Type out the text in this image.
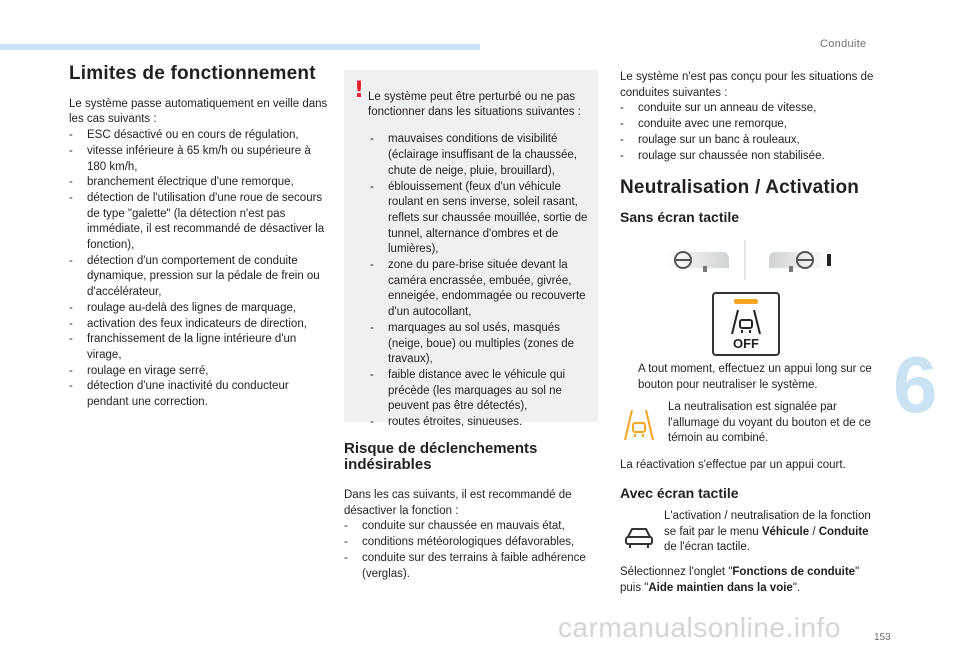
Conduite
6
153
Limites de fonctionnement

Le système passe automatiquement en veille dans les cas suivants :

- ESC désactivé ou en cours de régulation,
- vitesse inférieure à 65 km/h ou supérieure à 180 km/h,
- branchement électrique d'une remorque,
- détection de l'utilisation d'une roue de secours de type "galette" (la détection n'est pas immédiate, il est recommandé de désactiver la fonction),
- détection d'un comportement de conduite dynamique, pression sur la pédale de frein ou d'accélérateur,
- roulage au-delà des lignes de marquage,
- activation des feux indicateurs de direction,
- franchissement de la ligne intérieure d'un virage,
- roulage en virage serré,
- détection d'une inactivité du conducteur pendant une correction.
! Le système peut être perturbé ou ne pas fonctionner dans les situations suivantes :

- mauvaises conditions de visibilité (éclairage insuffisant de la chaussée, chute de neige, pluie, brouillard),
- éblouissement (feux d'un véhicule roulant en sens inverse, soleil rasant, reflets sur chaussée mouillée, sortie de tunnel, alternance d'ombres et de lumières),
- zone du pare-brise située devant la caméra encrassée, embuée, givrée, enneigée, endommagée ou recouverte d'un autocollant,
- marquages au sol usés, masqués (neige, boue) ou multiples (zones de travaux),
- faible distance avec le véhicule qui précède (les marquages au sol ne peuvent pas être détectés),
- routes étroites, sinueuses.
Risque de déclenchements
indésirables

Dans les cas suivants, il est recommandé de désactiver la fonction :

- conduite sur chaussée en mauvais état,
- conditions météorologiques défavorables,
- conduite sur des terrains à faible adhérence (verglas).

Le système n'est pas conçu pour les situations de conduites suivantes :

- conduite sur un anneau de vitesse,
- conduite avec une remorque,
- roulage sur un banc à rouleaux,
- roulage sur chaussée non stabilisée.
Neutralisation / Activation
Sans écran tactile
OFF

A tout moment, effectuez un appui long sur ce bouton pour neutraliser le système.

La neutralisation est signalée par l'allumage du voyant du bouton et de ce témoin au combiné.

La réactivation s'effectue par un appui court.

Avec écran tactile

L'activation / neutralisation de la fonction se fait par le menu Véhicule / Conduite de l'écran tactile.

Sélectionnez l'onglet "Fonctions de conduite" puis "Aide maintien dans la voie".

carmanualsonline.info
